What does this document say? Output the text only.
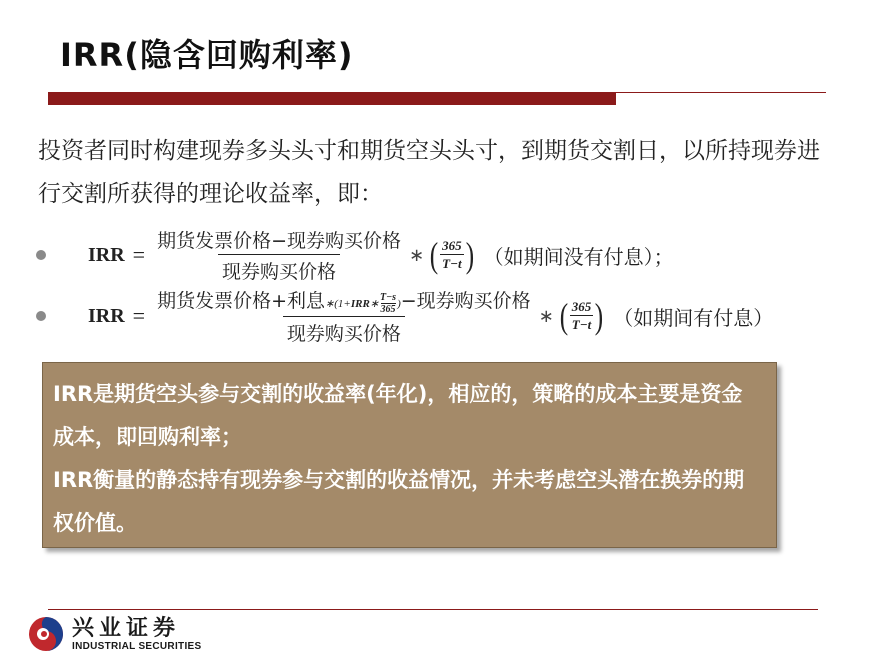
IRR(隐含回购利率)
投资者同时构建现券多头头寸和期货空头头寸，到期货交割日，以所持现券进行交割所获得的理论收益率，即：
IRR = $\frac{\text{期货发票价格−现券购买价格}}{\text{现券购买价格}}$ ∗ ( $\frac{365}{T-t}$ ) （如期间没有付息）；
IRR = $\frac{期货发票价格+利息 ∗(1+ IRR ∗ \frac{T-s}{365} ) -现券购买价格}{\text{现券购买价格}}$ ∗ ( $\frac{365}{T-t}$ ) （如期间有付息）

IRR是期货空头参与交割的收益率(年化)，相应的，策略的成本主要是资金成本，即回购利率；

IRR衡量的静态持有现券参与交割的收益情况，并未考虑空头潜在换券的期权价值。

兴业证券
INDUSTRIAL SECURITIES
